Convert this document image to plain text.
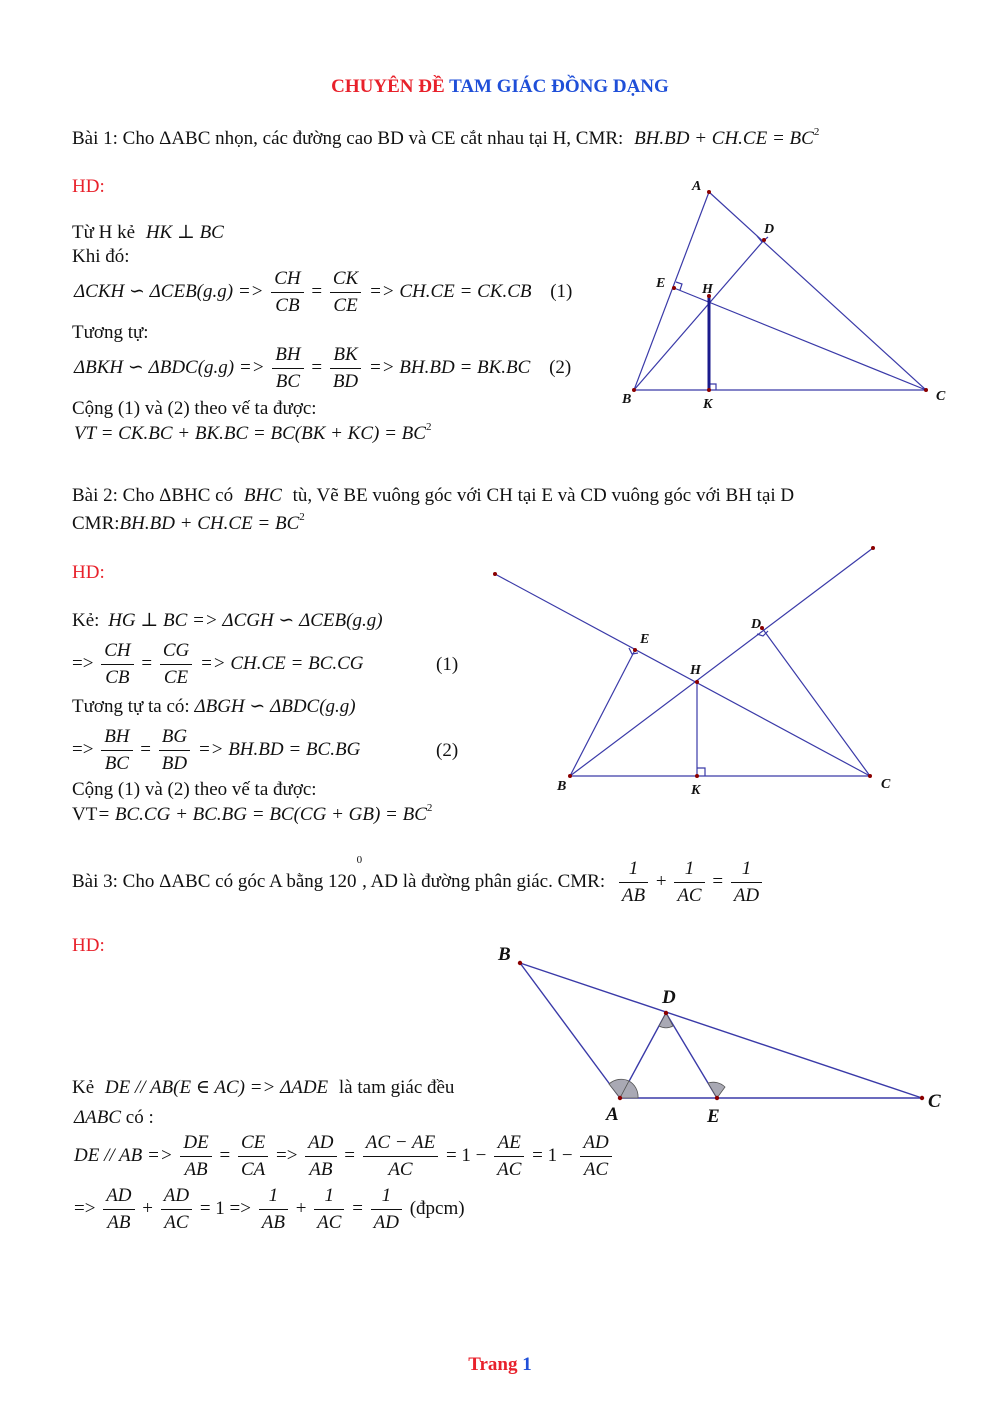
CHUYÊN ĐỀ TAM GIÁC ĐỒNG DẠNG
Bài 1: Cho ΔABC nhọn, các đường cao BD và CE cắt nhau tại H, CMR: $BH.BD + CH.CE = BC^2$
HD:
Từ H kẻ HK ⊥ BC
Khi đó:
ΔCKH ∽ $\Delta CEB(g.g) => \frac{CH}{CB} = \frac{CK}{CE} => CH.CE = CK.CB$ (1)
Tương tự:
ΔBKH ∽ $\Delta BDC(g.g) => \frac{BH}{BC} = \frac{BK}{BD} => BH.BD = BK.BC$ (2)
Cộng (1) và (2) theo vế ta được:
VT = $CK.BC + BK.BC = BC(BK + KC) = BC^2$
A
B	C
D
E	H
K
Bài 2: Cho ΔBHC có BHC tù, Vẽ BE vuông góc với CH tại E và CD vuông góc với BH tại D
CMR:BH.BD + $CH.CE = BC^2$
HD:
Kẻ: HG ⊥ BC => ΔCGH ∽ ΔCEB(g.g)
=> $\frac{CH}{CB} = \frac{CG}{CE} => CH.CE = BC.CG$	(1)
Tương tự ta có: ΔBGH ∽ ΔBDC(g.g)
=> $\frac{BH}{BC} = \frac{BG}{BD} => BH.BD = BC.BG$	(2)
Cộng (1) và (2) theo vế ta được:
$VT= BC.CG + BC.BG = BC(CG + GB) = BC^2$
B	C
D
E
H
K
Bài 3: Cho ΔABC có góc A bằng $120^0$, AD là đường phân giác. CMR: $\frac{1}{AB} + \frac{1}{AC} = \frac{1}{AD}$
HD:
Kẻ DE // AB(E ∈ AC) => ΔADE là tam giác đều
ΔABC có :
DE // AB => $\frac{DE}{AB} = \frac{CE}{CA} => \frac{AD}{AB} = \frac{AC - AE}{AC} = 1 - \frac{AE}{AC} = 1 - \frac{AD}{AC}$
=> $\frac{AD}{AB} + \frac{AD}{AC} = 1 => \frac{1}{AB} + \frac{1}{AC} = \frac{1}{AD}$ (đpcm)
B
C
D
A	E
Trang 1
